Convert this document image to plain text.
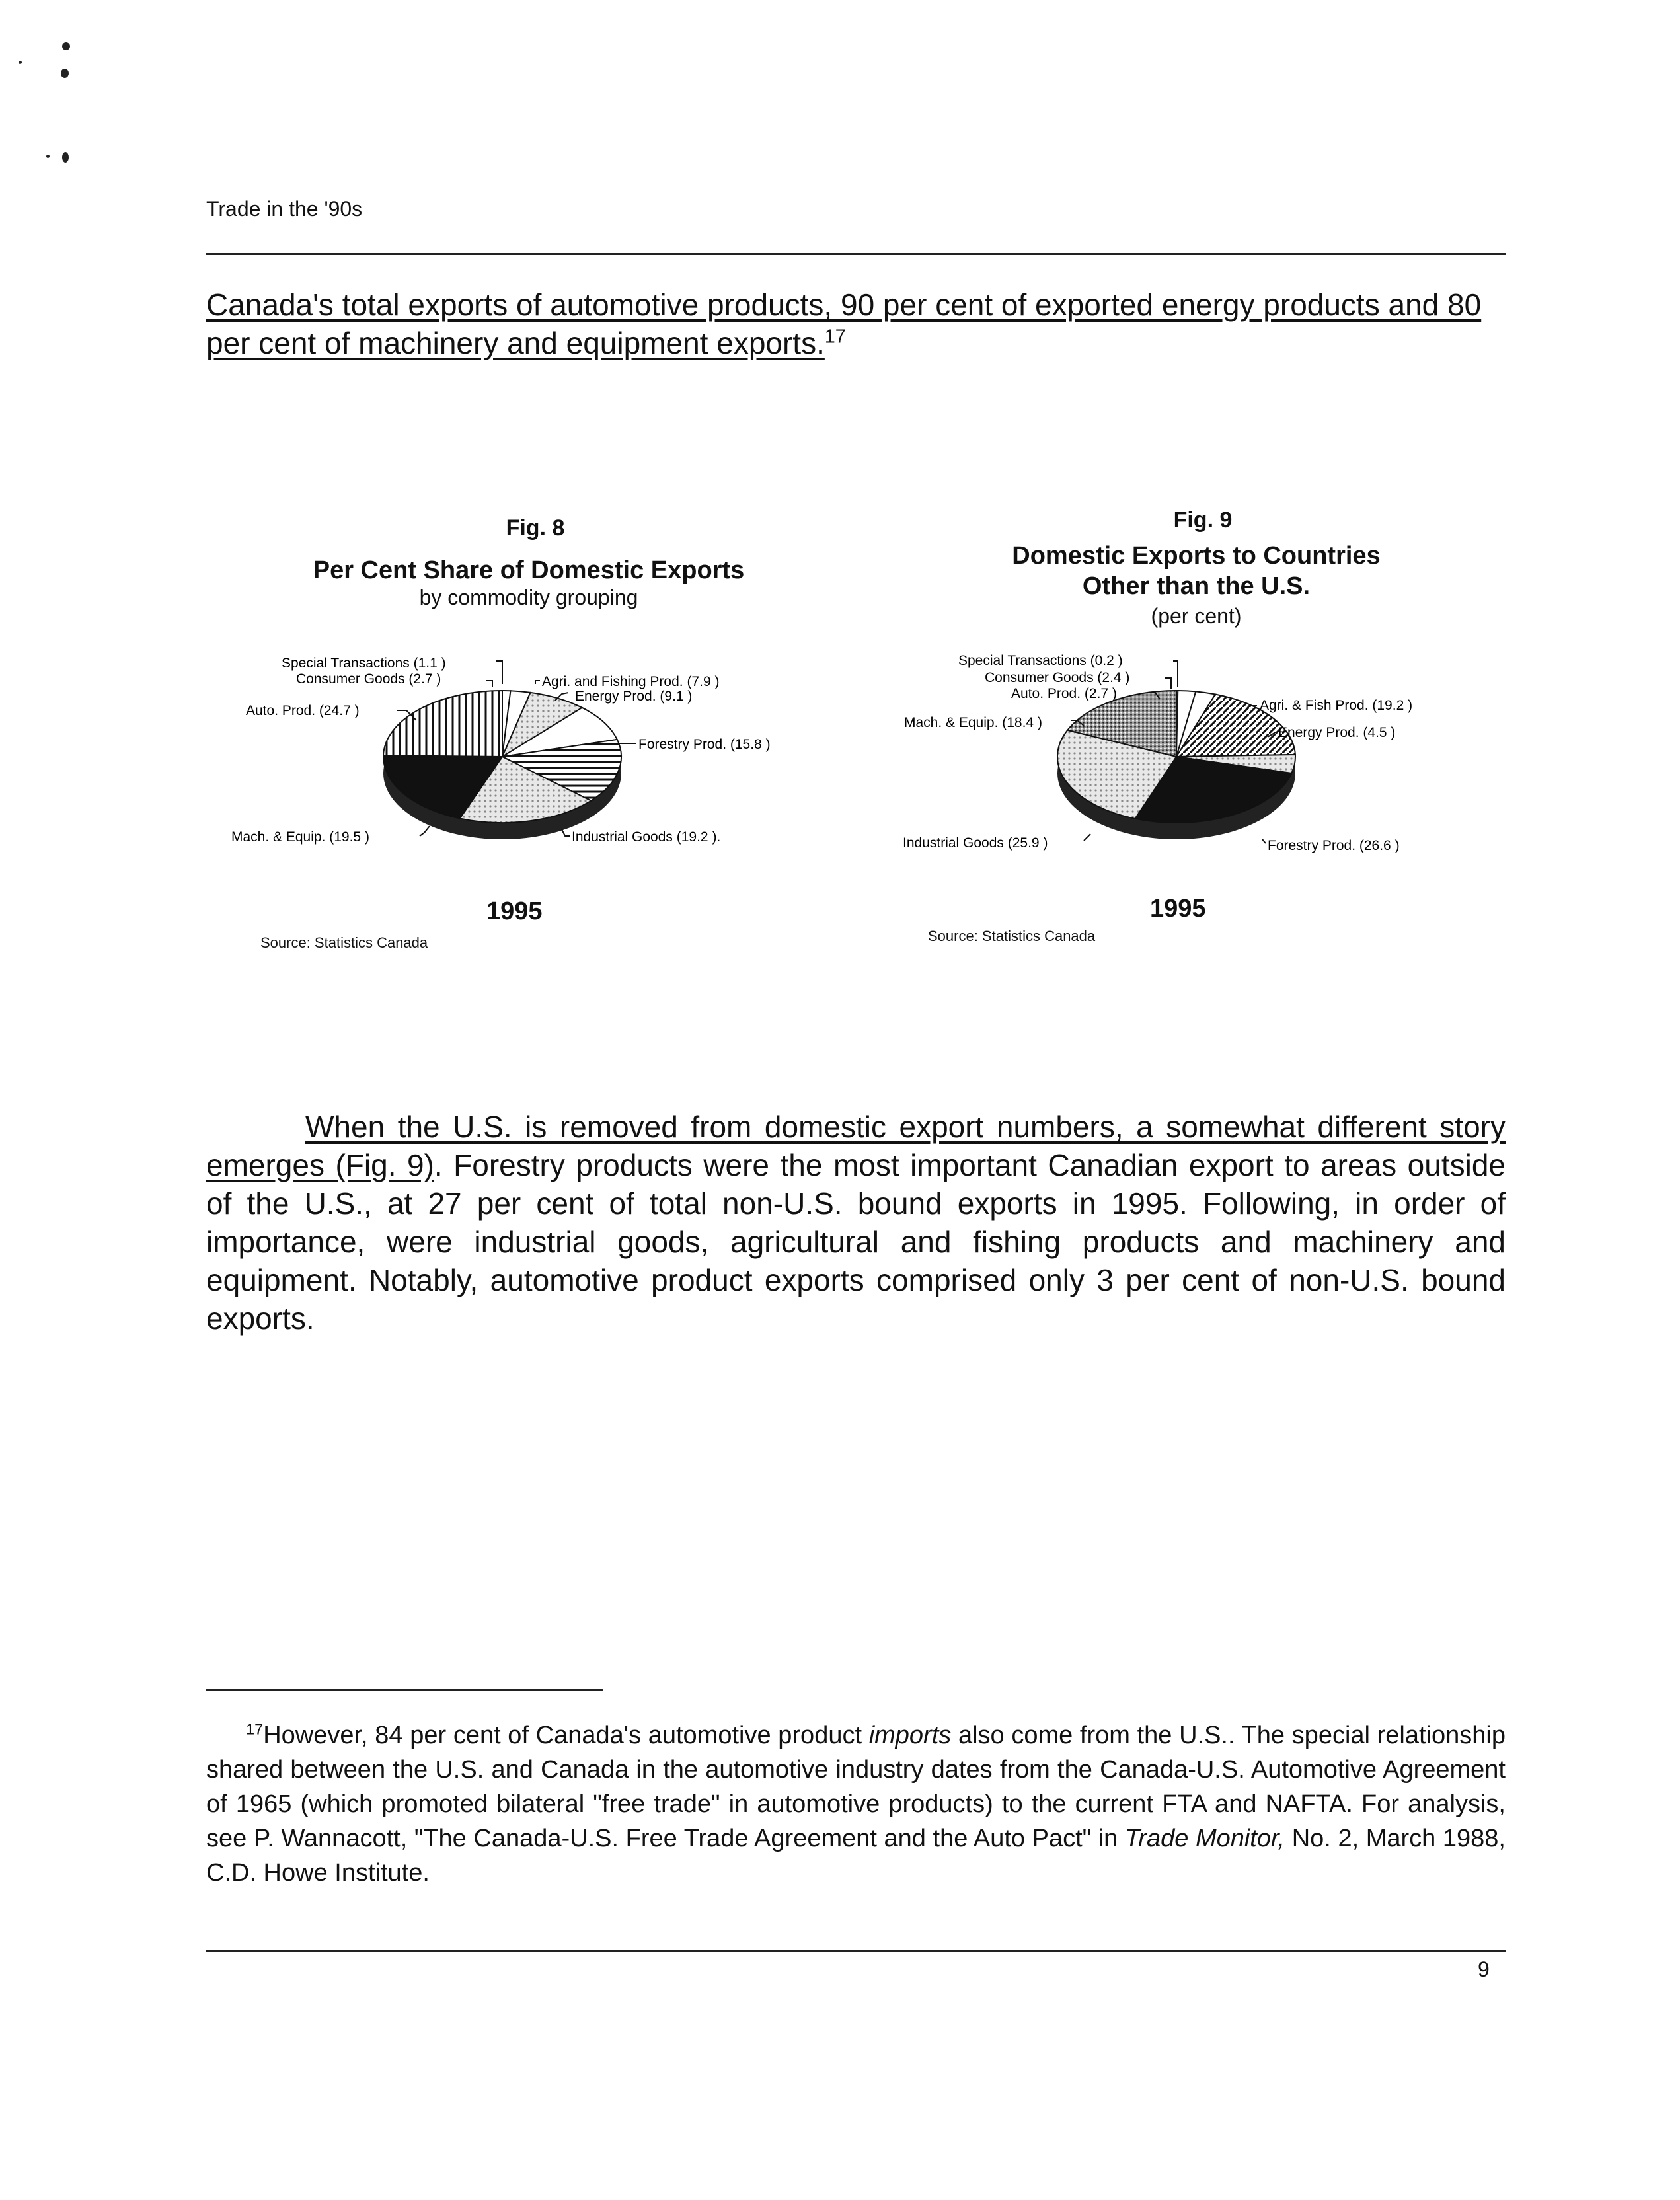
Trade in the '90s

Canada's total exports of automotive products, 90 per cent of exported energy products and 80 per cent of machinery and equipment exports.$^{17}$

Fig. 8
Per Cent Share of Domestic Exports
by commodity grouping
Special Transactions (1.1 )
Consumer Goods (2.7 )	Agri. and Fishing Prod. (7.9 )
Energy Prod. (9.1 )
Forestry Prod. (15.8 )
Industrial Goods (19.2 ).
Mach. & Equip. (19.5 )
Auto. Prod. (24.7 )
1995
Source: Statistics Canada
Fig. 9
Domestic Exports to Countries
Other than the U.S.
(per cent)
Special Transactions (0.2 )
Consumer Goods (2.4 )
Auto. Prod. (2.7 )
Agri. & Fish Prod. (19.2 )
Energy Prod. (4.5 )
Forestry Prod. (26.6 )
Industrial Goods (25.9 )
Mach. & Equip. (18.4 )
1995
Source: Statistics Canada

When the U.S. is removed from domestic export numbers, a somewhat different story emerges (Fig. 9). Forestry products were the most important Canadian export to areas outside of the U.S., at 27 per cent of total non-U.S. bound exports in 1995. Following, in order of importance, were industrial goods, agricultural and fishing products and machinery and equipment. Notably, automotive product exports comprised only 3 per cent of non-U.S. bound exports.

$^{17}$However, 84 per cent of Canada's automotive product imports also come from the U.S.. The special relationship shared between the U.S. and Canada in the automotive industry dates from the Canada-U.S. Automotive Agreement of 1965 (which promoted bilateral "free trade" in automotive products) to the current FTA and NAFTA. For analysis, see P. Wannacott, "The Canada-U.S. Free Trade Agreement and the Auto Pact" in Trade Monitor, No. 2, March 1988, C.D. Howe Institute.

9
